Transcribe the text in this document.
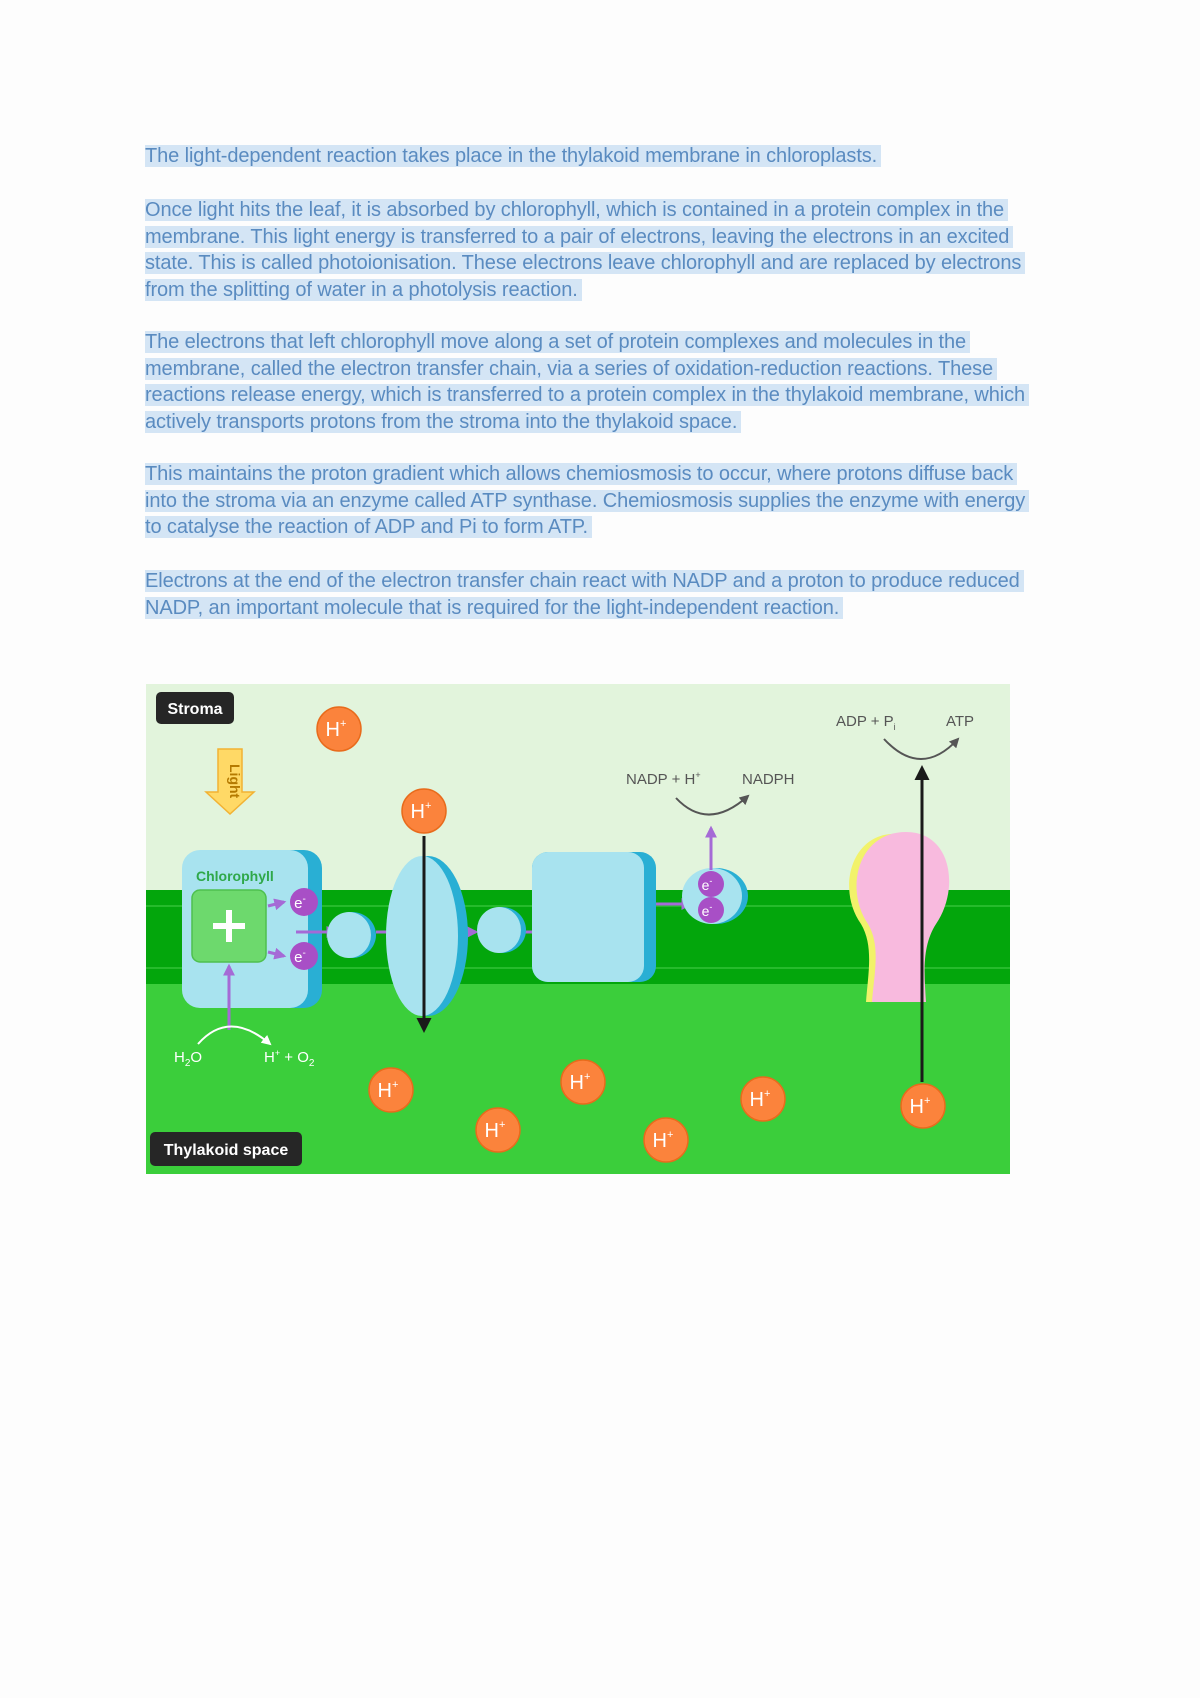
The light-dependent reaction takes place in the thylakoid membrane in chloroplasts.

Once light hits the leaf, it is absorbed by chlorophyll, which is contained in a protein complex in the membrane. This light energy is transferred to a pair of electrons, leaving the electrons in an excited state. This is called photoionisation. These electrons leave chlorophyll and are replaced by electrons from the splitting of water in a photolysis reaction.

The electrons that left chlorophyll move along a set of protein complexes and molecules in the membrane, called the electron transfer chain, via a series of oxidation-reduction reactions. These reactions release energy, which is transferred to a protein complex in the thylakoid membrane, which actively transports protons from the stroma into the thylakoid space.

This maintains the proton gradient which allows chemiosmosis to occur, where protons diffuse back into the stroma via an enzyme called ATP synthase. Chemiosmosis supplies the enzyme with energy to catalyse the reaction of ADP and Pi to form ATP.

Electrons at the end of the electron transfer chain react with NADP and a proton to produce reduced NADP, an important molecule that is required for the light-independent reaction.

Stroma
Light
Chlorophyll
$H_2O$	$H^+ + O_2$
e-
e-
e-
e-
NADP + H+	NADPH
ADP + $P_i$	ATP
H+
H+
H+
H+
H+
H+
H+
H+
Thylakoid space
